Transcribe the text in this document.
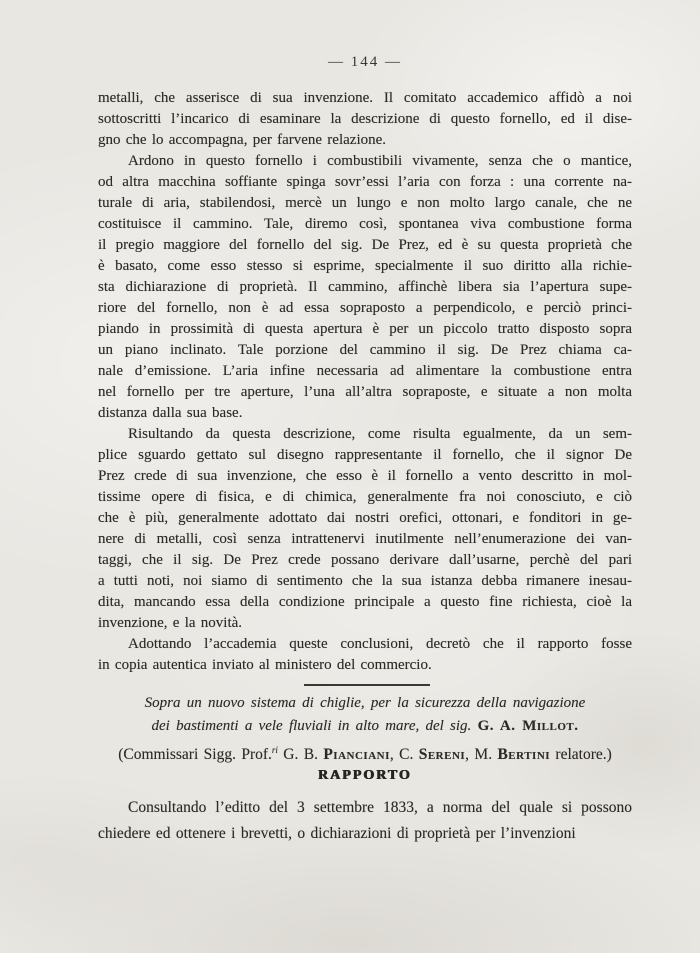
— 144 —
metalli, che asserisce di sua invenzione. Il comitato accademico affidò a noi
sottoscritti l’incarico di esaminare la descrizione di questo fornello, ed il dise-
gno che lo accompagna, per farvene relazione.
Ardono in questo fornello i combustibili vivamente, senza che o mantice,
od altra macchina soffiante spinga sovr’essi l’aria con forza : una corrente na-
turale di aria, stabilendosi, mercè un lungo e non molto largo canale, che ne
costituisce il cammino. Tale, diremo così, spontanea viva combustione forma
il pregio maggiore del fornello del sig. De Prez, ed è su questa proprietà che
è basato, come esso stesso si esprime, specialmente il suo diritto alla richie-
sta dichiarazione di proprietà. Il cammino, affinchè libera sia l’apertura supe-
riore del fornello, non è ad essa sopraposto a perpendicolo, e perciò princi-
piando in prossimità di questa apertura è per un piccolo tratto disposto sopra
un piano inclinato. Tale porzione del cammino il sig. De Prez chiama ca-
nale d’emissione. L’aria infine necessaria ad alimentare la combustione entra
nel fornello per tre aperture, l’una all’altra sopraposte, e situate a non molta
distanza dalla sua base.
Risultando da questa descrizione, come risulta egualmente, da un sem-
plice sguardo gettato sul disegno rappresentante il fornello, che il signor De
Prez crede di sua invenzione, che esso è il fornello a vento descritto in mol-
tissime opere di fisica, e di chimica, generalmente fra noi conosciuto, e ciò
che è più, generalmente adottato dai nostri orefici, ottonari, e fonditori in ge-
nere di metalli, così senza intrattenervi inutilmente nell’enumerazione dei van-
taggi, che il sig. De Prez crede possano derivare dall’usarne, perchè del pari
a tutti noti, noi siamo di sentimento che la sua istanza debba rimanere inesau-
dita, mancando essa della condizione principale a questo fine richiesta, cioè la
invenzione, e la novità.
Adottando l’accademia queste conclusioni, decretò che il rapporto fosse
in copia autentica inviato al ministero del commercio.
Sopra un nuovo sistema di chiglie, per la sicurezza della navigazione
dei bastimenti a vele fluviali in alto mare, del sig. G. A. Millot.
(Commissari Sigg. Prof.$^{ri}$ G. B. Pianciani, C. Sereni, M. Bertini relatore.)
RAPPORTO
Consultando l’editto del 3 settembre 1833, a norma del quale si possono
chiedere ed ottenere i brevetti, o dichiarazioni di proprietà per l’invenzioni
